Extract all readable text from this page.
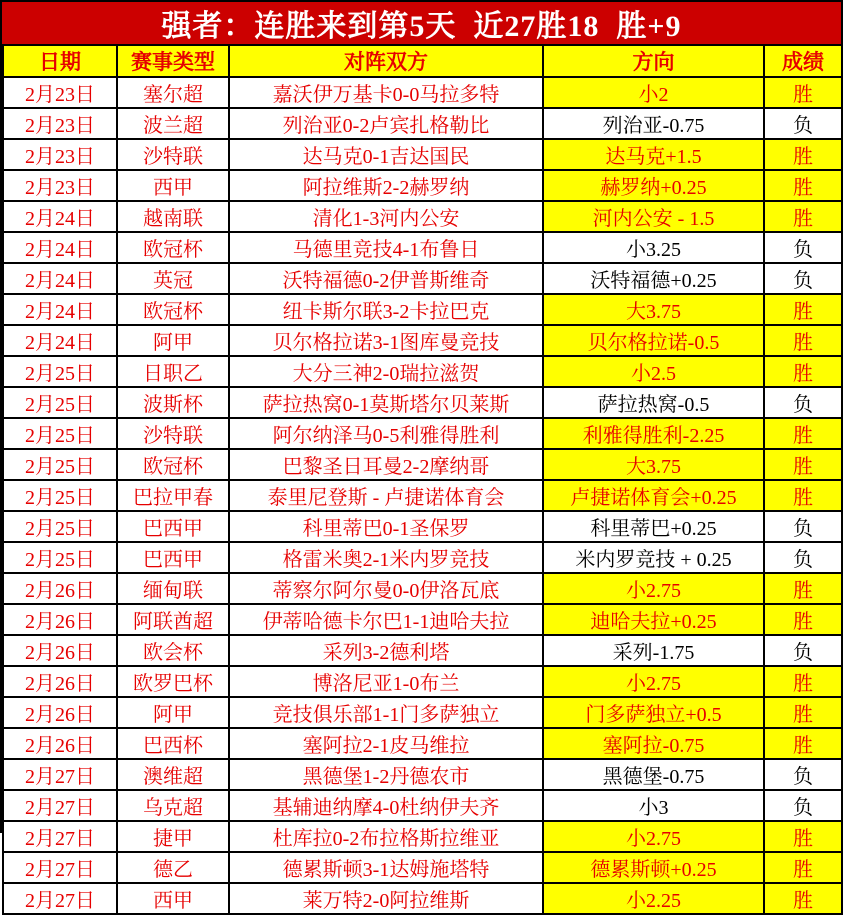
强者：连胜来到第5天  近27胜18  胜+9
日期	赛事类型	对阵双方	方向	成绩
2月23日	塞尔超	嘉沃伊万基卡0-0马拉多特	小2	胜
2月23日	波兰超	列治亚0-2卢宾扎格勒比	列治亚-0.75	负
2月23日	沙特联	达马克0-1吉达国民	达马克+1.5	胜
2月23日	西甲	阿拉维斯2-2赫罗纳	赫罗纳+0.25	胜
2月24日	越南联	清化1-3河内公安	河内公安 - 1.5	胜
2月24日	欧冠杯	马德里竞技4-1布鲁日	小3.25	负
2月24日	英冠	沃特福德0-2伊普斯维奇	沃特福德+0.25	负
2月24日	欧冠杯	纽卡斯尔联3-2卡拉巴克	大3.75	胜
2月24日	阿甲	贝尔格拉诺3-1图库曼竞技	贝尔格拉诺-0.5	胜
2月25日	日职乙	大分三神2-0瑞拉滋贺	小2.5	胜
2月25日	波斯杯	萨拉热窝0-1莫斯塔尔贝莱斯	萨拉热窝-0.5	负
2月25日	沙特联	阿尔纳泽马0-5利雅得胜利	利雅得胜利-2.25	胜
2月25日	欧冠杯	巴黎圣日耳曼2-2摩纳哥	大3.75	胜
2月25日	巴拉甲春	泰里尼登斯 - 卢捷诺体育会	卢捷诺体育会+0.25	胜
2月25日	巴西甲	科里蒂巴0-1圣保罗	科里蒂巴+0.25	负
2月25日	巴西甲	格雷米奥2-1米内罗竞技	米内罗竞技 + 0.25	负
2月26日	缅甸联	蒂察尔阿尔曼0-0伊洛瓦底	小2.75	胜
2月26日	阿联酋超	伊蒂哈德卡尔巴1-1迪哈夫拉	迪哈夫拉+0.25	胜
2月26日	欧会杯	采列3-2德利塔	采列-1.75	负
2月26日	欧罗巴杯	博洛尼亚1-0布兰	小2.75	胜
2月26日	阿甲	竞技俱乐部1-1门多萨独立	门多萨独立+0.5	胜
2月26日	巴西杯	塞阿拉2-1皮马维拉	塞阿拉-0.75	胜
2月27日	澳维超	黑德堡1-2丹德农市	黑德堡-0.75	负
2月27日	乌克超	基辅迪纳摩4-0杜纳伊夫齐	小3	负
2月27日	捷甲	杜库拉0-2布拉格斯拉维亚	小2.75	胜
2月27日	德乙	德累斯顿3-1达姆施塔特	德累斯顿+0.25	胜
2月27日	西甲	莱万特2-0阿拉维斯	小2.25	胜
